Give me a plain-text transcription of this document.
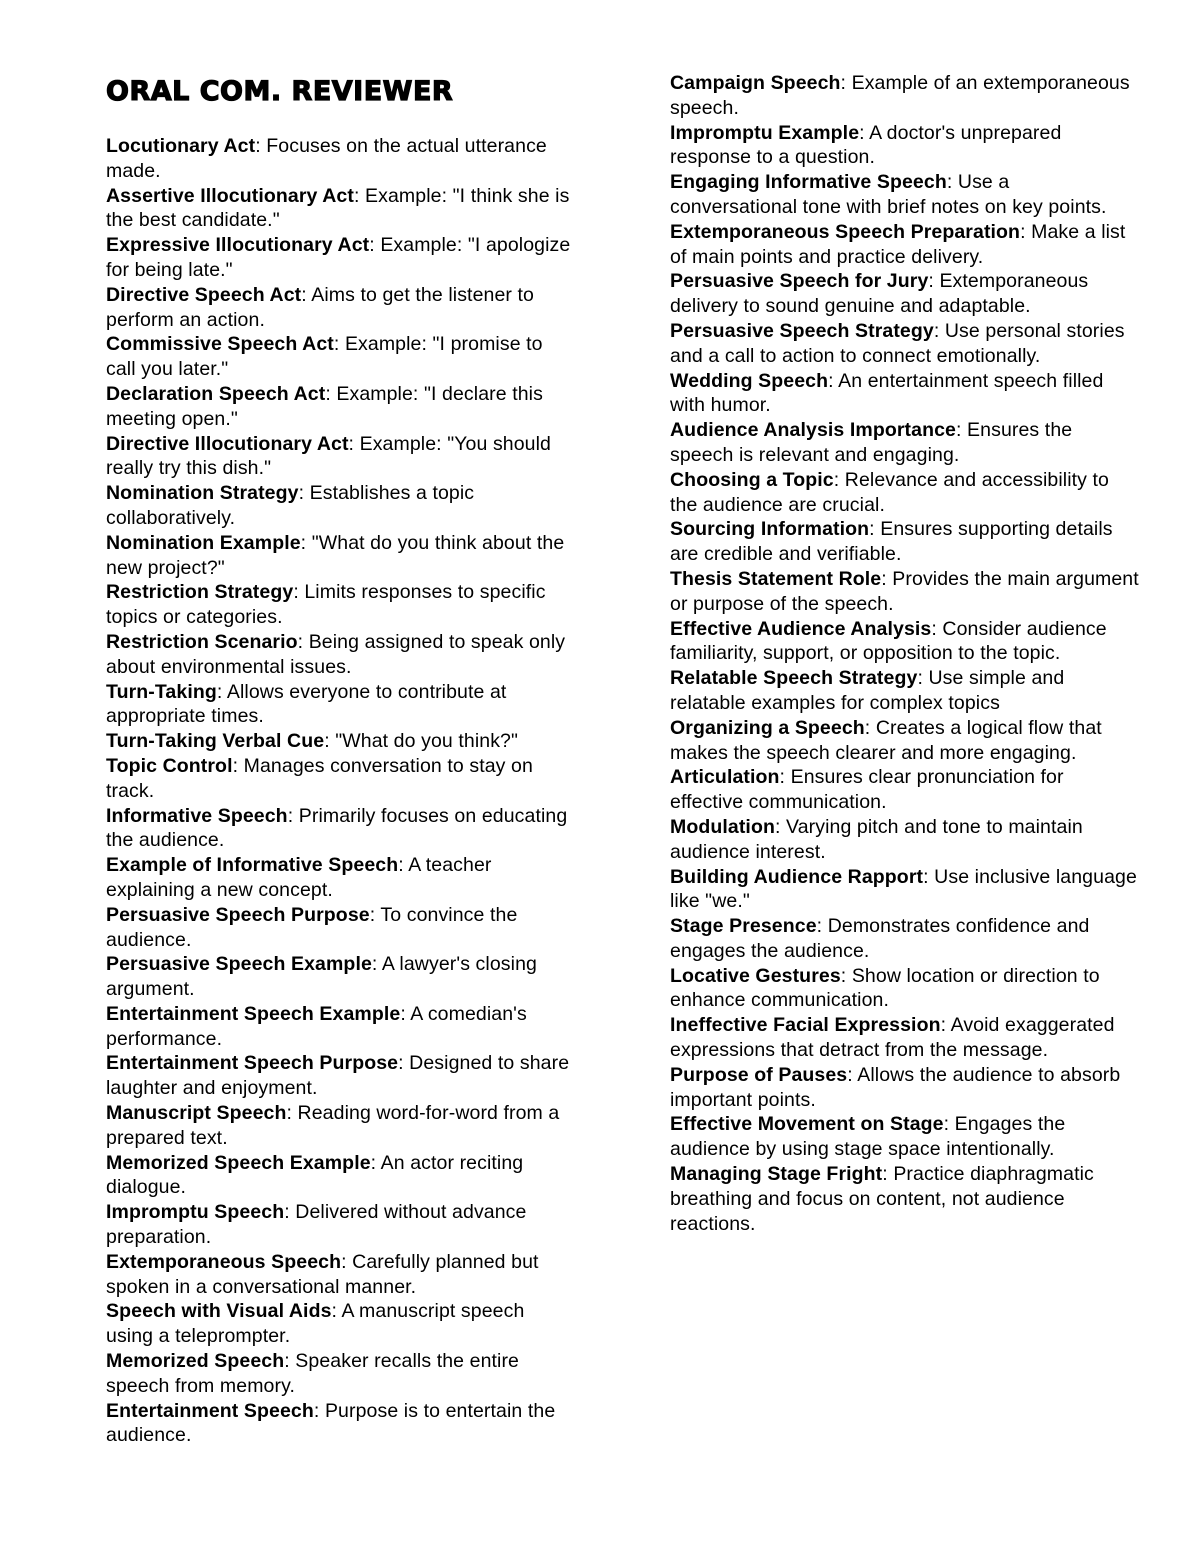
ORAL COM. REVIEWER

Locutionary Act: Focuses on the actual utterance made.

Assertive Illocutionary Act: Example: "I think she is the best candidate."

Expressive Illocutionary Act: Example: "I apologize for being late."

Directive Speech Act: Aims to get the listener to perform an action.

Commissive Speech Act: Example: "I promise to call you later."

Declaration Speech Act: Example: "I declare this meeting open."

Directive Illocutionary Act: Example: "You should really try this dish."

Nomination Strategy: Establishes a topic collaboratively.

Nomination Example: "What do you think about the new project?"

Restriction Strategy: Limits responses to specific topics or categories.

Restriction Scenario: Being assigned to speak only about environmental issues.

Turn-Taking: Allows everyone to contribute at appropriate times.

Turn-Taking Verbal Cue: "What do you think?"

Topic Control: Manages conversation to stay on track.

Informative Speech: Primarily focuses on educating the audience.

Example of Informative Speech: A teacher explaining a new concept.

Persuasive Speech Purpose: To convince the audience.

Persuasive Speech Example: A lawyer's closing argument.

Entertainment Speech Example: A comedian's performance.

Entertainment Speech Purpose: Designed to share laughter and enjoyment.

Manuscript Speech: Reading word-for-word from a prepared text.

Memorized Speech Example: An actor reciting dialogue.

Impromptu Speech: Delivered without advance preparation.

Extemporaneous Speech: Carefully planned but spoken in a conversational manner.

Speech with Visual Aids: A manuscript speech using a teleprompter.

Memorized Speech: Speaker recalls the entire speech from memory.

Entertainment Speech: Purpose is to entertain the audience.

Campaign Speech: Example of an extemporaneous speech.

Impromptu Example: A doctor's unprepared response to a question.

Engaging Informative Speech: Use a conversational tone with brief notes on key points.

Extemporaneous Speech Preparation: Make a list of main points and practice delivery.

Persuasive Speech for Jury: Extemporaneous delivery to sound genuine and adaptable.

Persuasive Speech Strategy: Use personal stories and a call to action to connect emotionally.

Wedding Speech: An entertainment speech filled with humor.

Audience Analysis Importance: Ensures the speech is relevant and engaging.

Choosing a Topic: Relevance and accessibility to the audience are crucial.

Sourcing Information: Ensures supporting details are credible and verifiable.

Thesis Statement Role: Provides the main argument or purpose of the speech.

Effective Audience Analysis: Consider audience familiarity, support, or opposition to the topic.

Relatable Speech Strategy: Use simple and relatable examples for complex topics

Organizing a Speech: Creates a logical flow that makes the speech clearer and more engaging.

Articulation: Ensures clear pronunciation for effective communication.

Modulation: Varying pitch and tone to maintain audience interest.

Building Audience Rapport: Use inclusive language like "we."

Stage Presence: Demonstrates confidence and engages the audience.

Locative Gestures: Show location or direction to enhance communication.

Ineffective Facial Expression: Avoid exaggerated expressions that detract from the message.

Purpose of Pauses: Allows the audience to absorb important points.

Effective Movement on Stage: Engages the audience by using stage space intentionally.

Managing Stage Fright: Practice diaphragmatic breathing and focus on content, not audience reactions.
